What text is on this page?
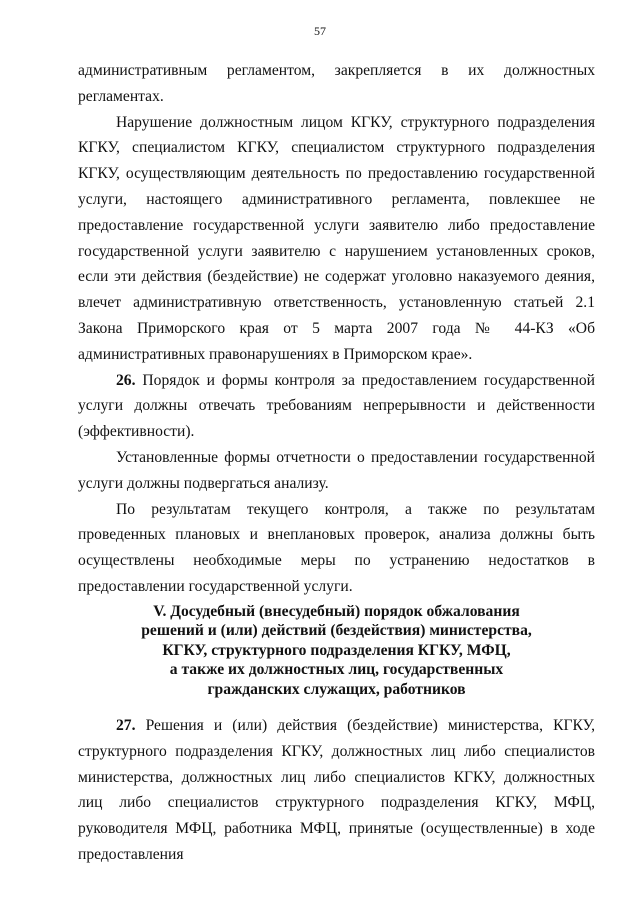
57

административным регламентом, закрепляется в их должностных регламентах.

Нарушение должностным лицом КГКУ, структурного подразделения КГКУ, специалистом КГКУ, специалистом структурного подразделения КГКУ, осуществляющим деятельность по предоставлению государственной услуги, настоящего административного регламента, повлекшее не предоставление государственной услуги заявителю либо предоставление государственной услуги заявителю с нарушением установленных сроков, если эти действия (бездействие) не содержат уголовно наказуемого деяния, влечет административную ответственность, установленную статьей 2.1 Закона Приморского края от 5 марта 2007 года № 44-КЗ «Об административных правонарушениях в Приморском крае».

26. Порядок и формы контроля за предоставлением государственной услуги должны отвечать требованиям непрерывности и действенности (эффективности).

Установленные формы отчетности о предоставлении государственной услуги должны подвергаться анализу.

По результатам текущего контроля, а также по результатам проведенных плановых и внеплановых проверок, анализа должны быть осуществлены необходимые меры по устранению недостатков в предоставлении государственной услуги.

V. Досудебный (внесудебный) порядок обжалования
решений и (или) действий (бездействия) министерства,
КГКУ, структурного подразделения КГКУ, МФЦ,
а также их должностных лиц, государственных
гражданских служащих, работников

27. Решения и (или) действия (бездействие) министерства, КГКУ, структурного подразделения КГКУ, должностных лиц либо специалистов министерства, должностных лиц либо специалистов КГКУ, должностных лиц либо специалистов структурного подразделения КГКУ, МФЦ, руководителя МФЦ, работника МФЦ, принятые (осуществленные) в ходе предоставления
